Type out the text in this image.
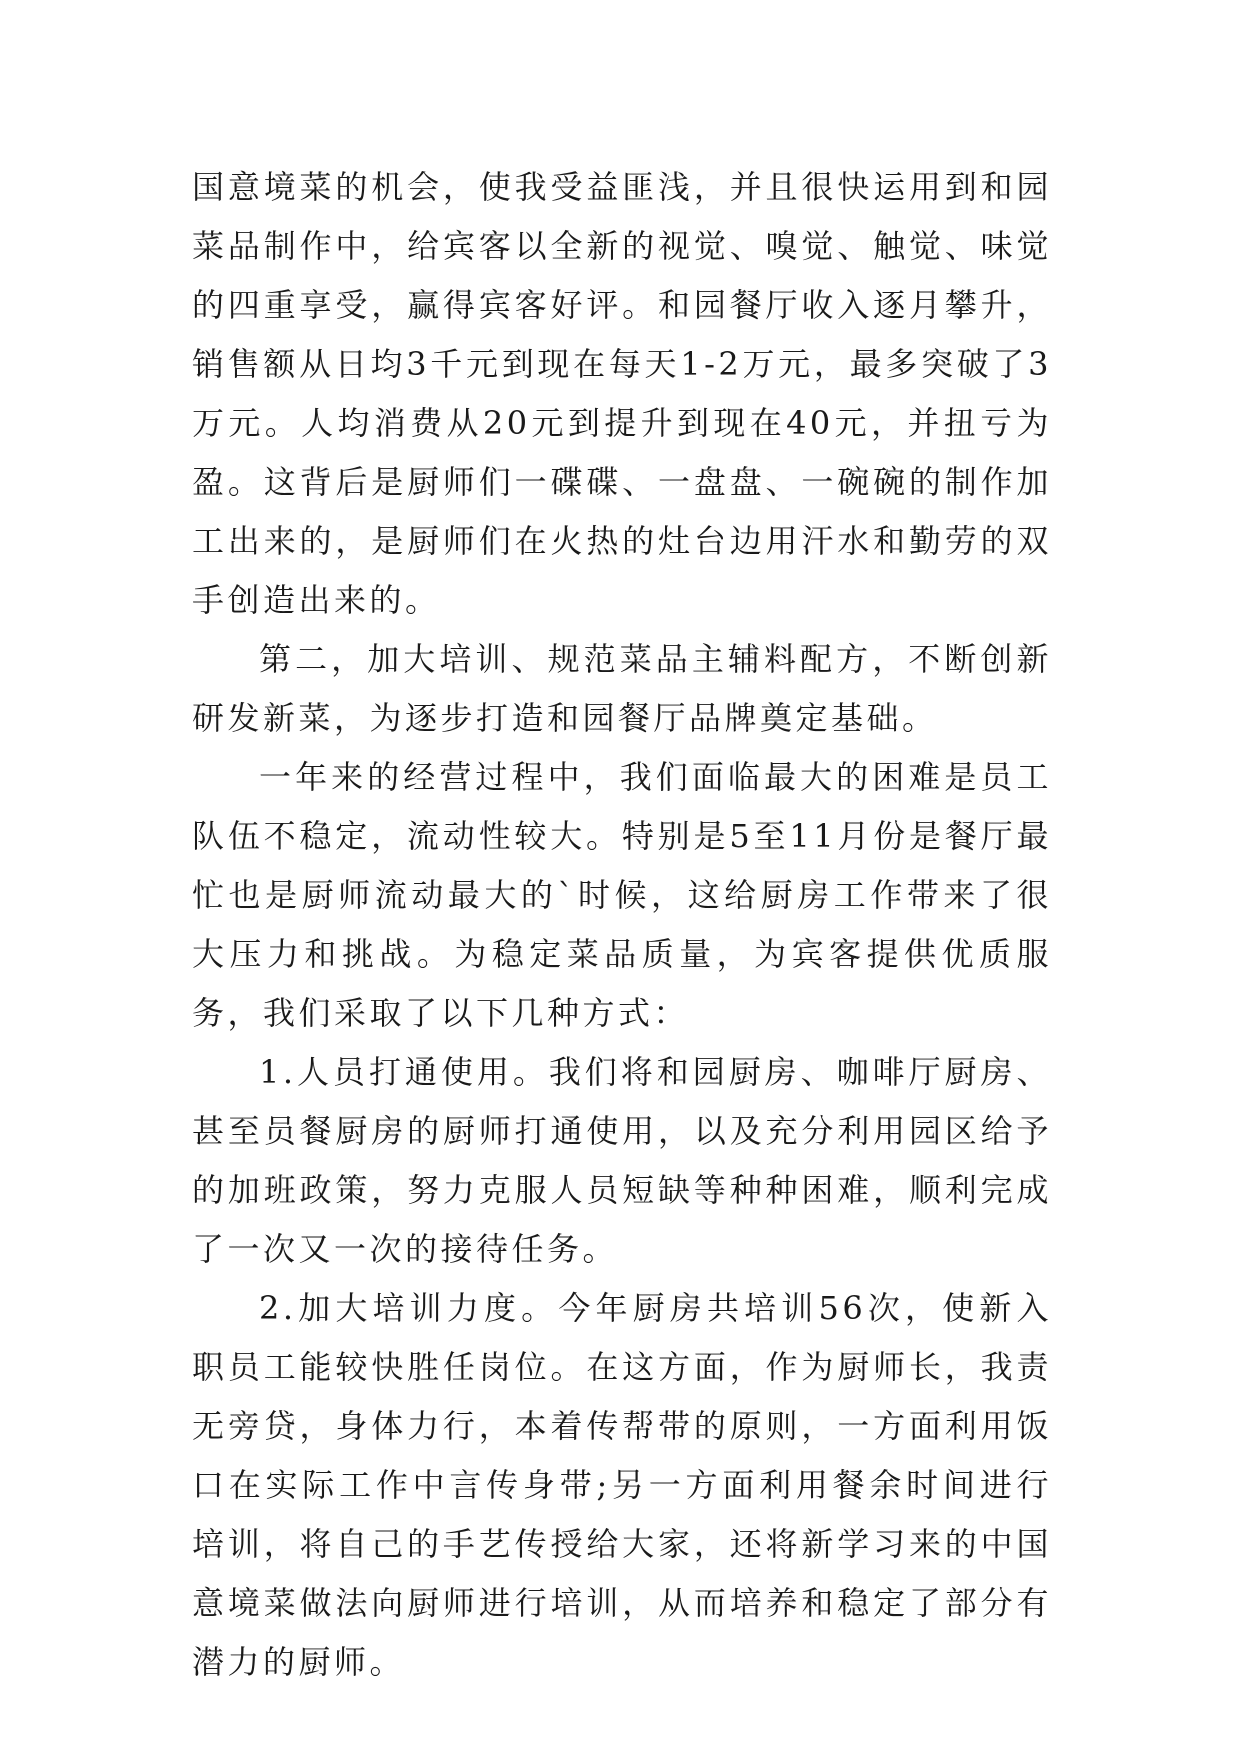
国意境菜的机会，使我受益匪浅，并且很快运用到和园菜品制作中，给宾客以全新的视觉、嗅觉、触觉、味觉的四重享受，赢得宾客好评。和园餐厅收入逐月攀升，销售额从日均3千元到现在每天1-2万元，最多突破了3万元。人均消费从20元到提升到现在40元，并扭亏为盈。这背后是厨师们一碟碟、一盘盘、一碗碗的制作加工出来的，是厨师们在火热的灶台边用汗水和勤劳的双手创造出来的。

第二，加大培训、规范菜品主辅料配方，不断创新研发新菜，为逐步打造和园餐厅品牌奠定基础。

一年来的经营过程中，我们面临最大的困难是员工队伍不稳定，流动性较大。特别是5至11月份是餐厅最忙也是厨师流动最大的`时候，这给厨房工作带来了很大压力和挑战。为稳定菜品质量，为宾客提供优质服务，我们采取了以下几种方式：

1.人员打通使用。我们将和园厨房、咖啡厅厨房、甚至员餐厨房的厨师打通使用，以及充分利用园区给予的加班政策，努力克服人员短缺等种种困难，顺利完成了一次又一次的接待任务。

2.加大培训力度。今年厨房共培训56次，使新入职员工能较快胜任岗位。在这方面，作为厨师长，我责无旁贷，身体力行，本着传帮带的原则，一方面利用饭口在实际工作中言传身带;另一方面利用餐余时间进行培训，将自己的手艺传授给大家，还将新学习来的中国意境菜做法向厨师进行培训，从而培养和稳定了部分有潜力的厨师。
